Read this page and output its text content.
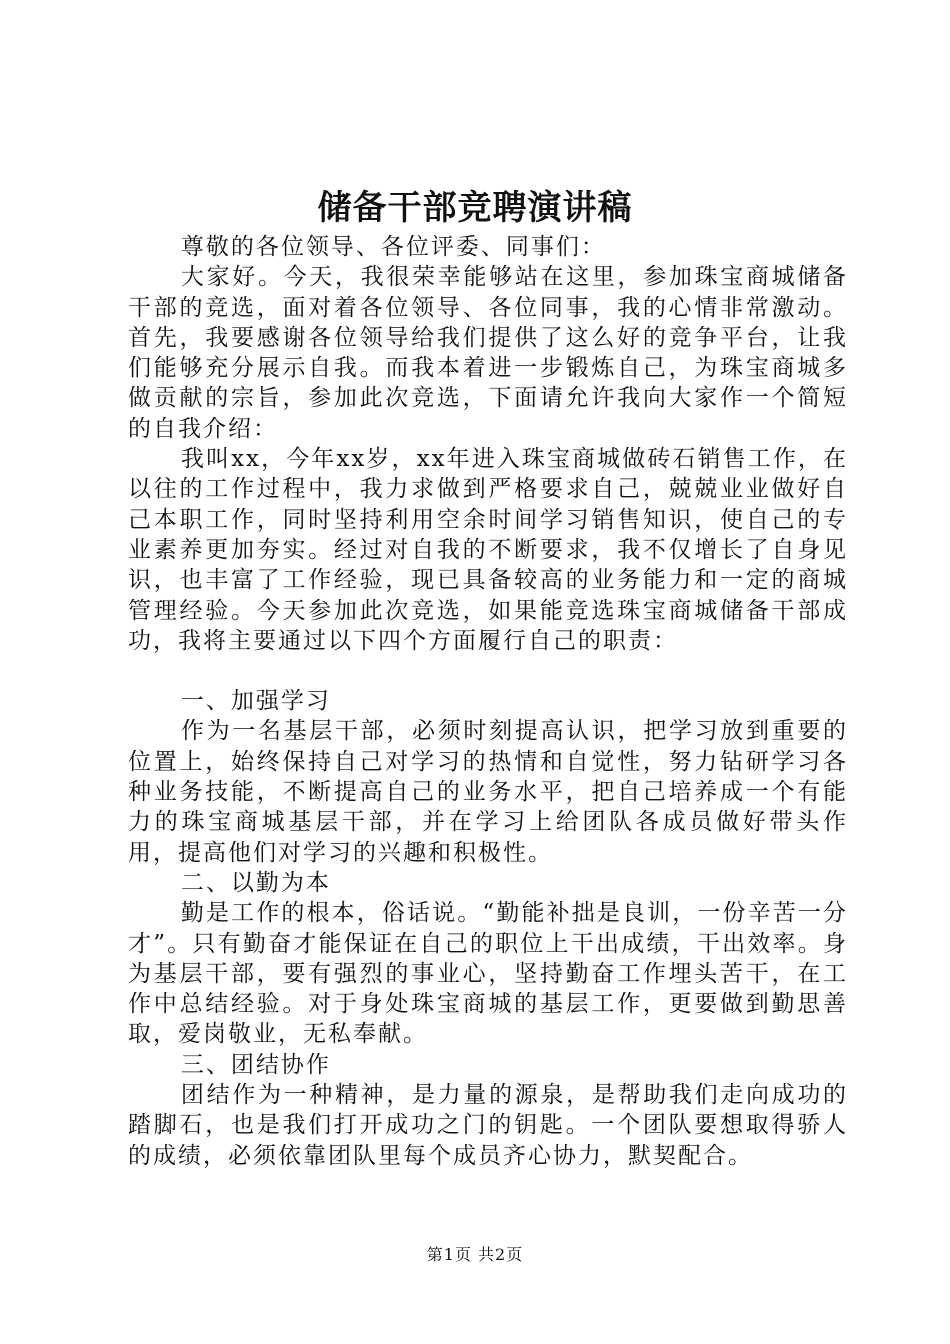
储备干部竞聘演讲稿

尊敬的各位领导、各位评委、同事们：

大家好。今天，我很荣幸能够站在这里，参加珠宝商城储备干部的竞选，面对着各位领导、各位同事，我的心情非常激动。首先，我要感谢各位领导给我们提供了这么好的竞争平台，让我们能够充分展示自我。而我本着进一步锻炼自己，为珠宝商城多做贡献的宗旨，参加此次竞选，下面请允许我向大家作一个简短的自我介绍：

我叫xx，今年xx岁，xx年进入珠宝商城做砖石销售工作，在以往的工作过程中，我力求做到严格要求自己，兢兢业业做好自己本职工作，同时坚持利用空余时间学习销售知识，使自己的专业素养更加夯实。经过对自我的不断要求，我不仅增长了自身见识，也丰富了工作经验，现已具备较高的业务能力和一定的商城管理经验。今天参加此次竞选，如果能竞选珠宝商城储备干部成功，我将主要通过以下四个方面履行自己的职责：

一、加强学习

作为一名基层干部，必须时刻提高认识，把学习放到重要的位置上，始终保持自己对学习的热情和自觉性，努力钻研学习各种业务技能，不断提高自己的业务水平，把自己培养成一个有能力的珠宝商城基层干部，并在学习上给团队各成员做好带头作用，提高他们对学习的兴趣和积极性。

二、以勤为本

勤是工作的根本，俗话说。“勤能补拙是良训，一份辛苦一分才”。只有勤奋才能保证在自己的职位上干出成绩，干出效率。身为基层干部，要有强烈的事业心，坚持勤奋工作埋头苦干，在工作中总结经验。对于身处珠宝商城的基层工作，更要做到勤思善取，爱岗敬业，无私奉献。

三、团结协作

团结作为一种精神，是力量的源泉，是帮助我们走向成功的踏脚石，也是我们打开成功之门的钥匙。一个团队要想取得骄人的成绩，必须依靠团队里每个成员齐心协力，默契配合。

第1页 共2页
